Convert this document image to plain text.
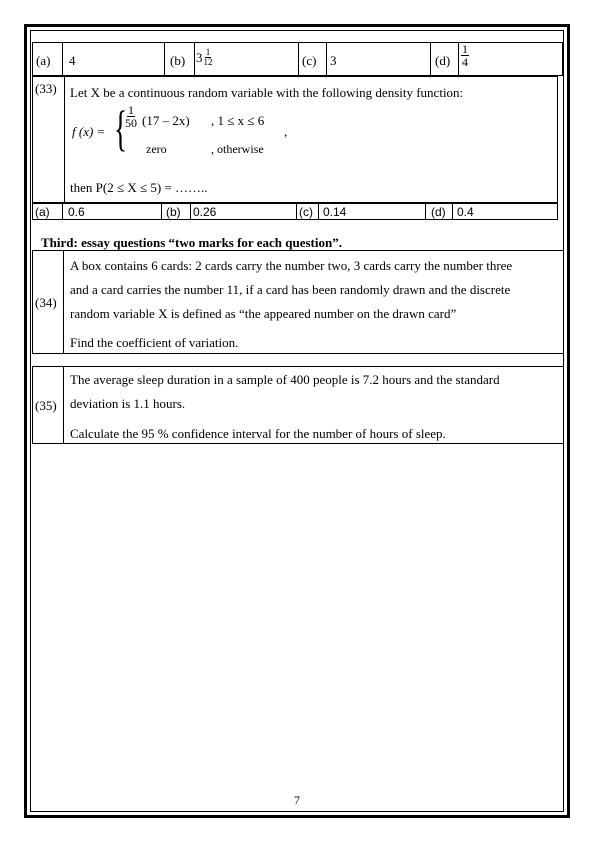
(a) 4	(b) $3 \frac{1}{12}$	(c) 3	$(d) \frac{1}{4}$
(33) Let X be a continuous random variable with the following density function:
f (x) = {
$\frac{1}{50} (17 - 2x)$ , 1 ≤ x ≤ 6
,
zero	, otherwise
then P(2 ≤ X ≤ 5) = ……..
(a) 0.6	(b) 0.26	(c) 0.14	(d) 0.4
Third: essay questions “two marks for each question”.
(34)
A box contains 6 cards: 2 cards carry the number two, 3 cards carry the number three
and a card carries the number 11, if a card has been randomly drawn and the discrete
random variable X is defined as “the appeared number on the drawn card”
Find the coefficient of variation.
(35)
The average sleep duration in a sample of 400 people is 7.2 hours and the standard
deviation is 1.1 hours.
Calculate the 95 % confidence interval for the number of hours of sleep.
7
